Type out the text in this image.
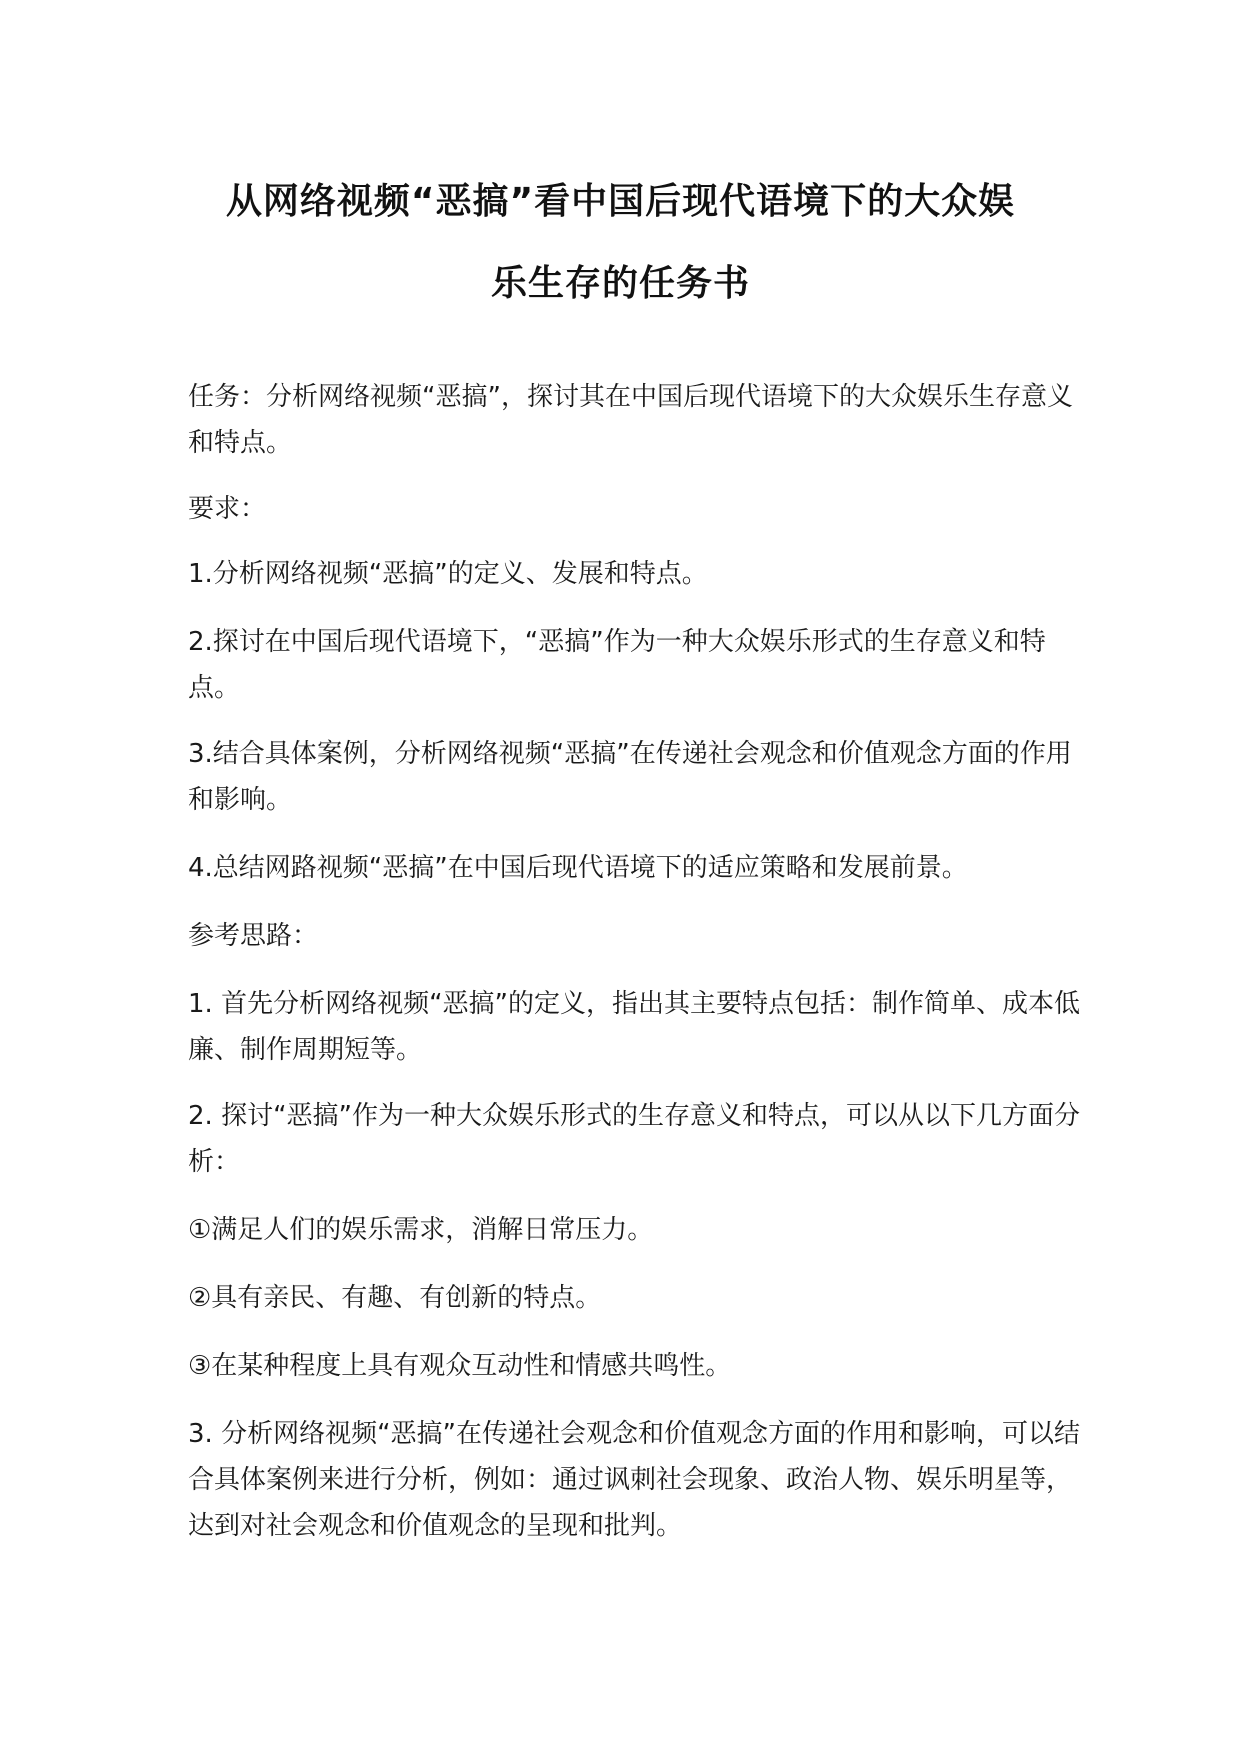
从网络视频“恶搞”看中国后现代语境下的大众娱
乐生存的任务书

任务：分析网络视频“恶搞”，探讨其在中国后现代语境下的大众娱乐生存意义和特点。

要求：

1.分析网络视频“恶搞”的定义、发展和特点。

2.探讨在中国后现代语境下，“恶搞”作为一种大众娱乐形式的生存意义和特点。

3.结合具体案例，分析网络视频“恶搞”在传递社会观念和价值观念方面的作用和影响。

4.总结网路视频“恶搞”在中国后现代语境下的适应策略和发展前景。

参考思路：

1. 首先分析网络视频“恶搞”的定义，指出其主要特点包括：制作简单、成本低廉、制作周期短等。

2. 探讨“恶搞”作为一种大众娱乐形式的生存意义和特点，可以从以下几方面分析：

①满足人们的娱乐需求，消解日常压力。

②具有亲民、有趣、有创新的特点。

③在某种程度上具有观众互动性和情感共鸣性。

3. 分析网络视频“恶搞”在传递社会观念和价值观念方面的作用和影响，可以结合具体案例来进行分析，例如：通过讽刺社会现象、政治人物、娱乐明星等，达到对社会观念和价值观念的呈现和批判。
